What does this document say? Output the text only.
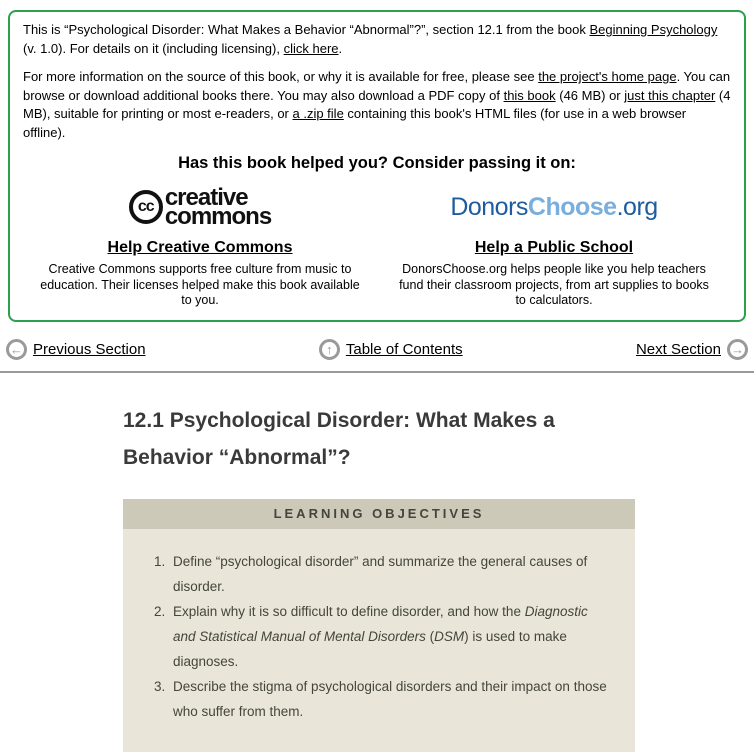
This is “Psychological Disorder: What Makes a Behavior “Abnormal”?”, section 12.1 from the book Beginning Psychology (v. 1.0). For details on it (including licensing), click here.

For more information on the source of this book, or why it is available for free, please see the project's home page. You can browse or download additional books there. You may also download a PDF copy of this book (46 MB) or just this chapter (4 MB), suitable for printing or most e-readers, or a .zip file containing this book's HTML files (for use in a web browser offline).

Has this book helped you? Consider passing it on:
cc creative
commons
Help Creative Commons
Creative Commons supports free culture from music to education. Their licenses helped make this book available to you.
DonorsChoose.org
Help a Public School
DonorsChoose.org helps people like you help teachers fund their classroom projects, from art supplies to books to calculators.
← Previous Section	↑ Table of Contents	Next Section →
12.1 Psychological Disorder: What Makes a Behavior “Abnormal”?
LEARNING OBJECTIVES
1. Define “psychological disorder” and summarize the general causes of disorder.
2. Explain why it is so difficult to define disorder, and how the Diagnostic and Statistical Manual of Mental Disorders (DSM) is used to make diagnoses.
3. Describe the stigma of psychological disorders and their impact on those who suffer from them.
